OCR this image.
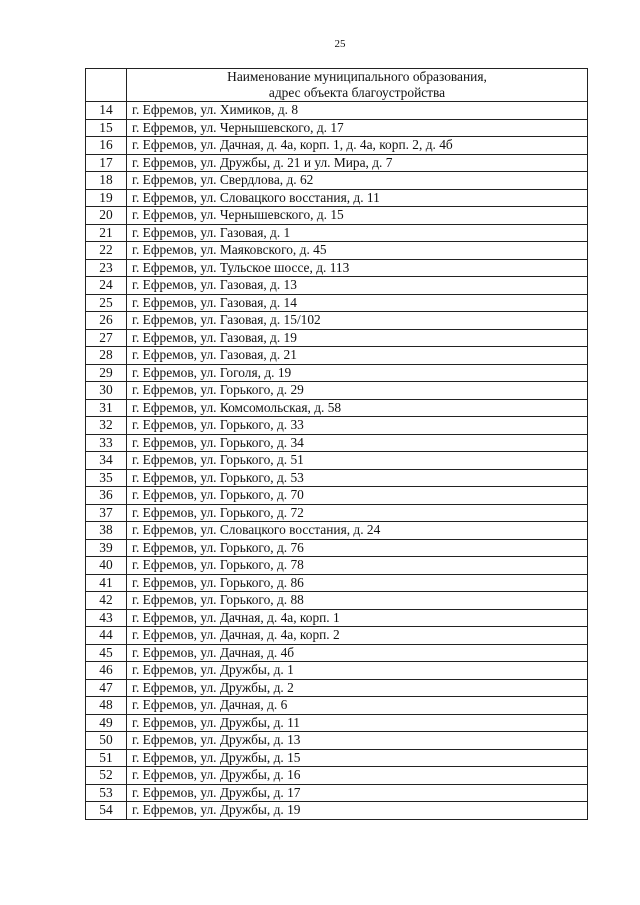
25
	Наименование муниципального образования,
адрес объекта благоустройства
14	г. Ефремов, ул. Химиков, д. 8
15	г. Ефремов, ул. Чернышевского, д. 17
16	г. Ефремов, ул. Дачная, д. 4а, корп. 1, д. 4а, корп. 2, д. 4б
17	г. Ефремов, ул. Дружбы, д. 21 и ул. Мира, д. 7
18	г. Ефремов, ул. Свердлова, д. 62
19	г. Ефремов, ул. Словацкого восстания, д. 11
20	г. Ефремов, ул. Чернышевского, д. 15
21	г. Ефремов, ул. Газовая, д. 1
22	г. Ефремов, ул. Маяковского, д. 45
23	г. Ефремов, ул. Тульское шоссе, д. 113
24	г. Ефремов, ул. Газовая, д. 13
25	г. Ефремов, ул. Газовая, д. 14
26	г. Ефремов, ул. Газовая, д. 15/102
27	г. Ефремов, ул. Газовая, д. 19
28	г. Ефремов, ул. Газовая, д. 21
29	г. Ефремов, ул. Гоголя, д. 19
30	г. Ефремов, ул. Горького, д. 29
31	г. Ефремов, ул. Комсомольская, д. 58
32	г. Ефремов, ул. Горького, д. 33
33	г. Ефремов, ул. Горького, д. 34
34	г. Ефремов, ул. Горького, д. 51
35	г. Ефремов, ул. Горького, д. 53
36	г. Ефремов, ул. Горького, д. 70
37	г. Ефремов, ул. Горького, д. 72
38	г. Ефремов, ул. Словацкого восстания, д. 24
39	г. Ефремов, ул. Горького, д. 76
40	г. Ефремов, ул. Горького, д. 78
41	г. Ефремов, ул. Горького, д. 86
42	г. Ефремов, ул. Горького, д. 88
43	г. Ефремов, ул. Дачная, д. 4а, корп. 1
44	г. Ефремов, ул. Дачная, д. 4а, корп. 2
45	г. Ефремов, ул. Дачная, д. 4б
46	г. Ефремов, ул. Дружбы, д. 1
47	г. Ефремов, ул. Дружбы, д. 2
48	г. Ефремов, ул. Дачная, д. 6
49	г. Ефремов, ул. Дружбы, д. 11
50	г. Ефремов, ул. Дружбы, д. 13
51	г. Ефремов, ул. Дружбы, д. 15
52	г. Ефремов, ул. Дружбы, д. 16
53	г. Ефремов, ул. Дружбы, д. 17
54	г. Ефремов, ул. Дружбы, д. 19
